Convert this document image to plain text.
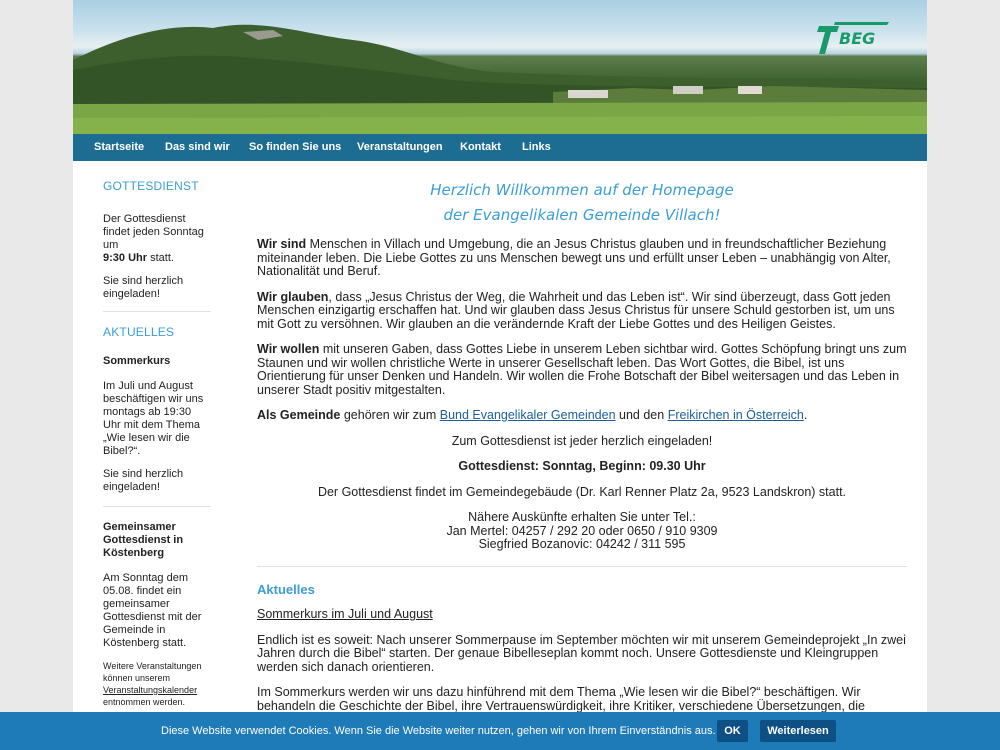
BEG
Startseite Das sind wir So finden Sie uns Veranstaltungen Kontakt Links
GOTTESDIENST

Der Gottesdienst findet jeden Sonntag um
9:30 Uhr statt.

Sie sind herzlich eingeladen!

AKTUELLES

Sommerkurs

Im Juli und August beschäftigen wir uns montags ab 19:30 Uhr mit dem Thema „Wie lesen wir die Bibel?“.

Sie sind herzlich eingeladen!

Gemeinsamer Gottesdienst in Köstenberg

Am Sonntag dem 05.08. findet ein gemeinsamer Gottesdienst mit der Gemeinde in Köstenberg statt.

Weitere Veranstaltungen können unserem
Veranstaltungskalender
entnommen werden.

Herzlich Willkommen auf der Homepage
der Evangelikalen Gemeinde Villach!

Wir sind Menschen in Villach und Umgebung, die an Jesus Christus glauben und in freundschaftlicher Beziehung miteinander leben. Die Liebe Gottes zu uns Menschen bewegt uns und erfüllt unser Leben – unabhängig von Alter, Nationalität und Beruf.

Wir glauben, dass „Jesus Christus der Weg, die Wahrheit und das Leben ist“. Wir sind überzeugt, dass Gott jeden Menschen einzigartig erschaffen hat. Und wir glauben dass Jesus Christus für unsere Schuld gestorben ist, um uns mit Gott zu versöhnen. Wir glauben an die verändernde Kraft der Liebe Gottes und des Heiligen Geistes.

Wir wollen mit unseren Gaben, dass Gottes Liebe in unserem Leben sichtbar wird. Gottes Schöpfung bringt uns zum Staunen und wir wollen christliche Werte in unserer Gesellschaft leben. Das Wort Gottes, die Bibel, ist uns Orientierung für unser Denken und Handeln. Wir wollen die Frohe Botschaft der Bibel weitersagen und das Leben in unserer Stadt positiv mitgestalten.

Als Gemeinde gehören wir zum Bund Evangelikaler Gemeinden und den Freikirchen in Österreich.

Zum Gottesdienst ist jeder herzlich eingeladen!

Gottesdienst: Sonntag, Beginn: 09.30 Uhr

Der Gottesdienst findet im Gemeindegebäude (Dr. Karl Renner Platz 2a, 9523 Landskron) statt.

Nähere Auskünfte erhalten Sie unter Tel.:
Jan Mertel: 04257 / 292 20 oder 0650 / 910 9309
Siegfried Bozanovic: 04242 / 311 595

Aktuelles

Sommerkurs im Juli und August

Endlich ist es soweit: Nach unserer Sommerpause im September möchten wir mit unserem Gemeindeprojekt „In zwei Jahren durch die Bibel“ starten. Der genaue Bibelleseplan kommt noch. Unsere Gottesdienste und Kleingruppen werden sich danach orientieren.

Im Sommerkurs werden wir uns dazu hinführend mit dem Thema „Wie lesen wir die Bibel?“ beschäftigen. Wir behandeln die Geschichte der Bibel, ihre Vertrauenswürdigkeit, ihre Kritiker, verschiedene Übersetzungen, die

Diese Website verwendet Cookies. Wenn Sie die Website weiter nutzen, gehen wir von Ihrem Einverständnis aus. OK	Weiterlesen
